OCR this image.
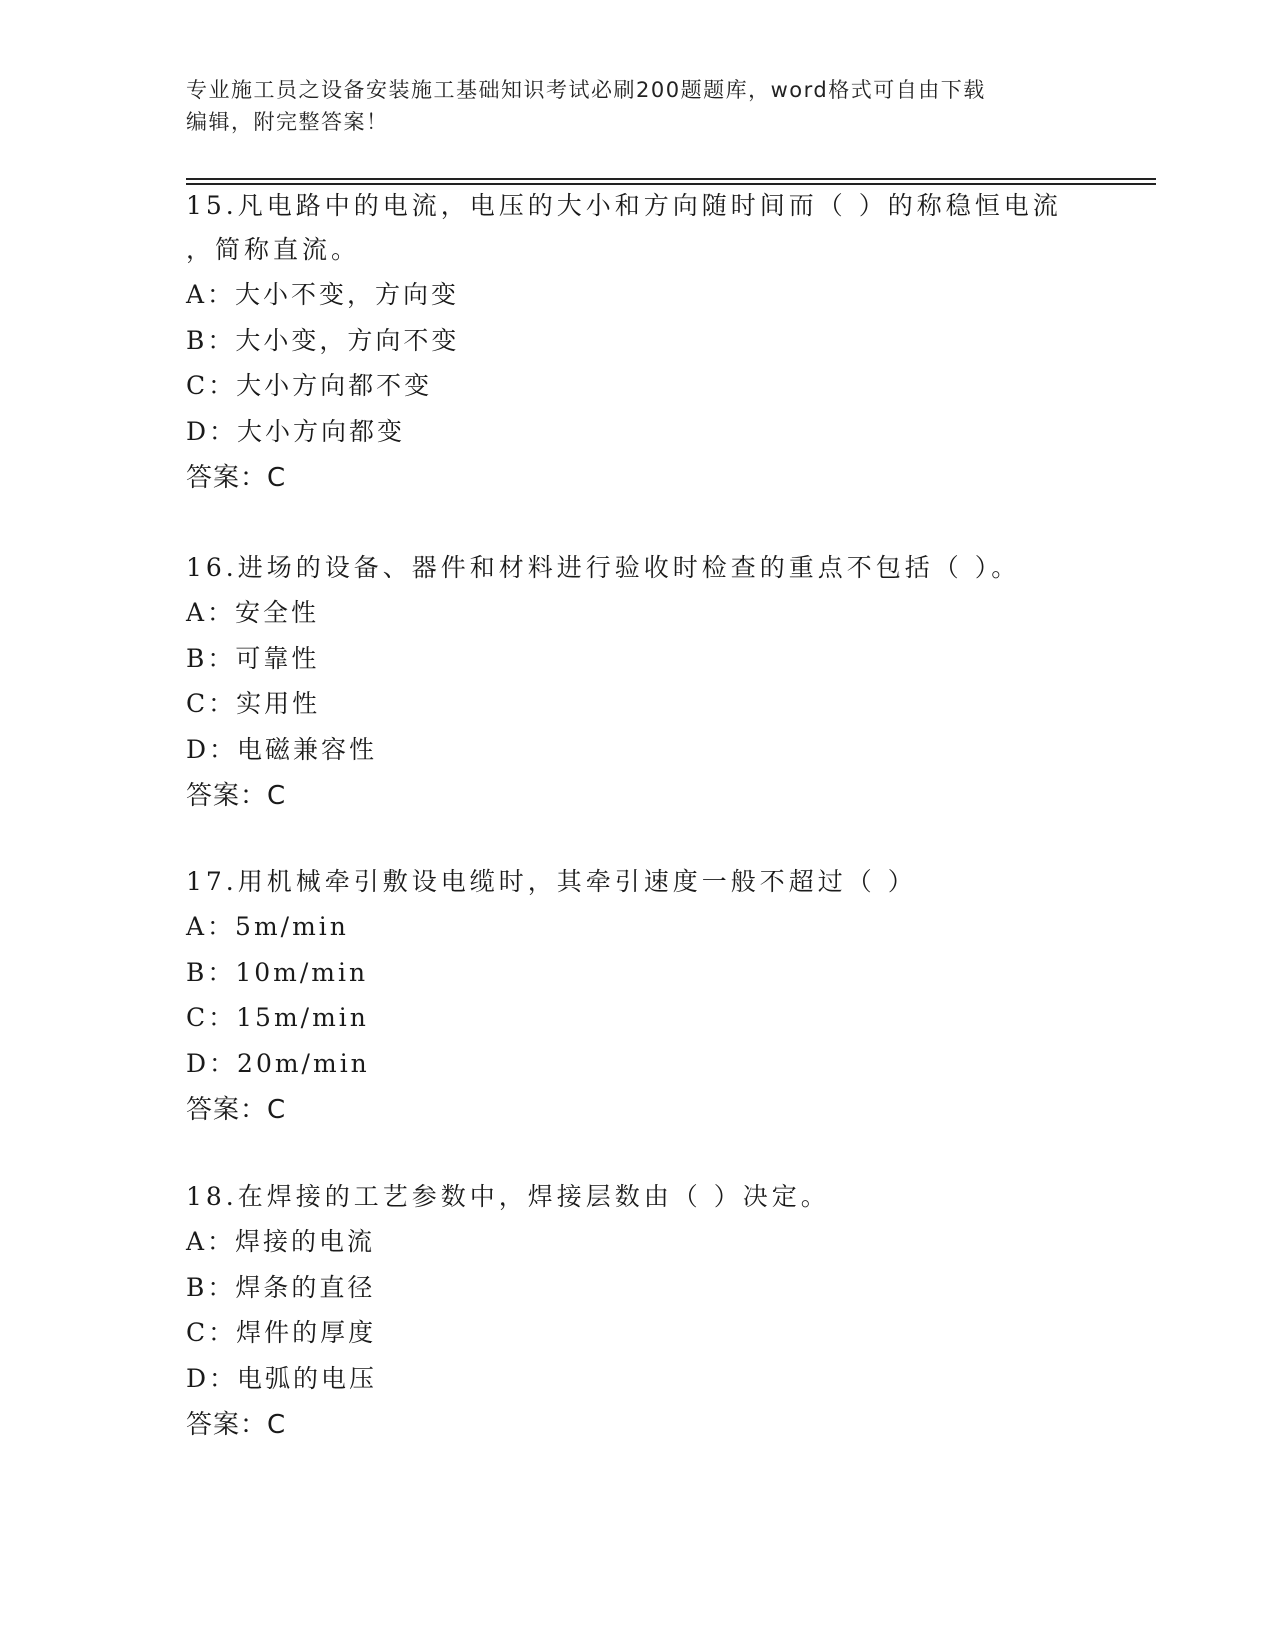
专业施工员之设备安装施工基础知识考试必刷200题题库，word格式可自由下载
编辑，附完整答案！
15.凡电路中的电流，电压的大小和方向随时间而（ ）的称稳恒电流
，简称直流。
A：大小不变，方向变
B：大小变，方向不变
C：大小方向都不变
D：大小方向都变
答案：C
16.进场的设备、器件和材料进行验收时检查的重点不包括（ ）。
A：安全性
B：可靠性
C：实用性
D：电磁兼容性
答案：C
17.用机械牵引敷设电缆时，其牵引速度一般不超过（ ）
A：5m/min
B：10m/min
C：15m/min
D：20m/min
答案：C
18.在焊接的工艺参数中，焊接层数由（ ）决定。
A：焊接的电流
B：焊条的直径
C：焊件的厚度
D：电弧的电压
答案：C
